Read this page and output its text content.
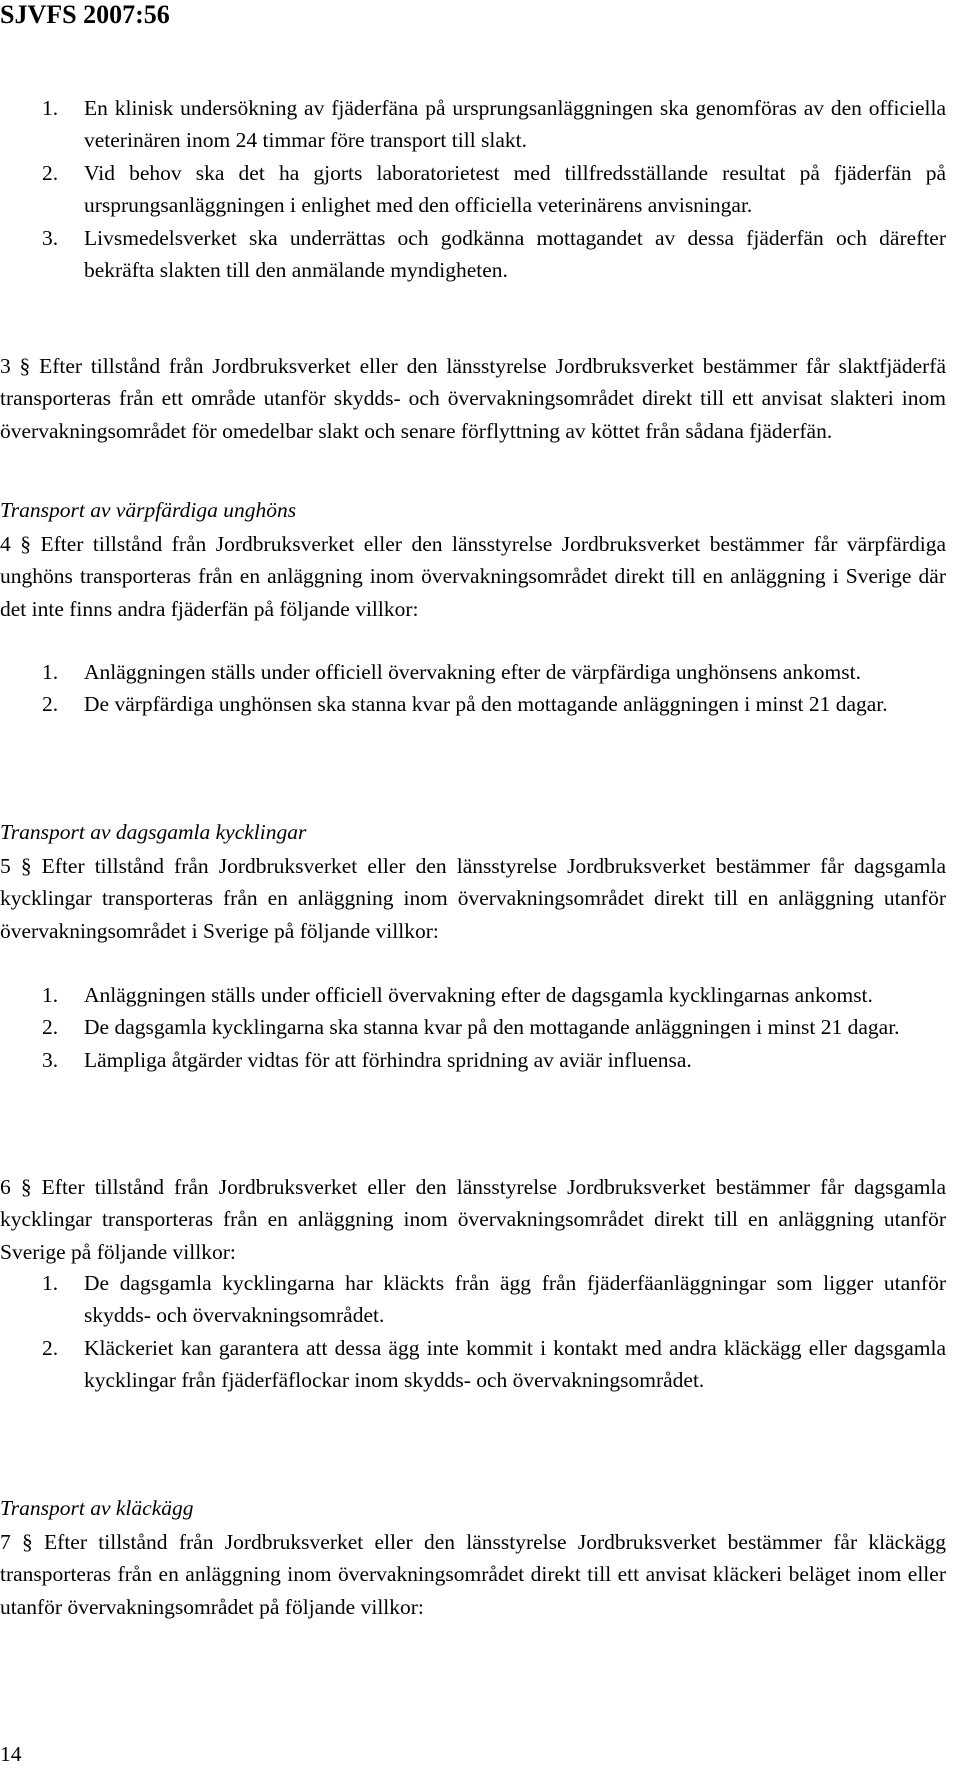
SJVFS 2007:56

1. En klinisk undersökning av fjäderfäna på ursprungsanläggningen ska genomföras av den officiella veterinären inom 24 timmar före transport till slakt.
2. Vid behov ska det ha gjorts laboratorietest med tillfredsställande resultat på fjäderfän på ursprungsanläggningen i enlighet med den officiella veterinärens anvisningar.
3. Livsmedelsverket ska underrättas och godkänna mottagandet av dessa fjäderfän och därefter bekräfta slakten till den anmälande myndigheten.

3 § Efter tillstånd från Jordbruksverket eller den länsstyrelse Jordbruksverket bestämmer får slaktfjäderfä transporteras från ett område utanför skydds- och övervakningsområdet direkt till ett anvisat slakteri inom övervakningsområdet för omedelbar slakt och senare förflyttning av köttet från sådana fjäderfän.

Transport av värpfärdiga unghöns

4 § Efter tillstånd från Jordbruksverket eller den länsstyrelse Jordbruksverket bestämmer får värpfärdiga unghöns transporteras från en anläggning inom övervakningsområdet direkt till en anläggning i Sverige där det inte finns andra fjäderfän på följande villkor:

1. Anläggningen ställs under officiell övervakning efter de värpfärdiga unghönsens ankomst.
2. De värpfärdiga unghönsen ska stanna kvar på den mottagande anläggningen i minst 21 dagar.

Transport av dagsgamla kycklingar

5 § Efter tillstånd från Jordbruksverket eller den länsstyrelse Jordbruksverket bestämmer får dagsgamla kycklingar transporteras från en anläggning inom övervakningsområdet direkt till en anläggning utanför övervakningsområdet i Sverige på följande villkor:

1. Anläggningen ställs under officiell övervakning efter de dagsgamla kycklingarnas ankomst.
2. De dagsgamla kycklingarna ska stanna kvar på den mottagande anläggningen i minst 21 dagar.
3. Lämpliga åtgärder vidtas för att förhindra spridning av aviär influensa.

6 § Efter tillstånd från Jordbruksverket eller den länsstyrelse Jordbruksverket bestämmer får dagsgamla kycklingar transporteras från en anläggning inom övervakningsområdet direkt till en anläggning utanför Sverige på följande villkor:

1. De dagsgamla kycklingarna har kläckts från ägg från fjäderfäanläggningar som ligger utanför skydds- och övervakningsområdet.
2. Kläckeriet kan garantera att dessa ägg inte kommit i kontakt med andra kläckägg eller dagsgamla kycklingar från fjäderfäflockar inom skydds- och övervakningsområdet.

Transport av kläckägg

7 § Efter tillstånd från Jordbruksverket eller den länsstyrelse Jordbruksverket bestämmer får kläckägg transporteras från en anläggning inom övervakningsområdet direkt till ett anvisat kläckeri beläget inom eller utanför övervakningsområdet på följande villkor:

14
